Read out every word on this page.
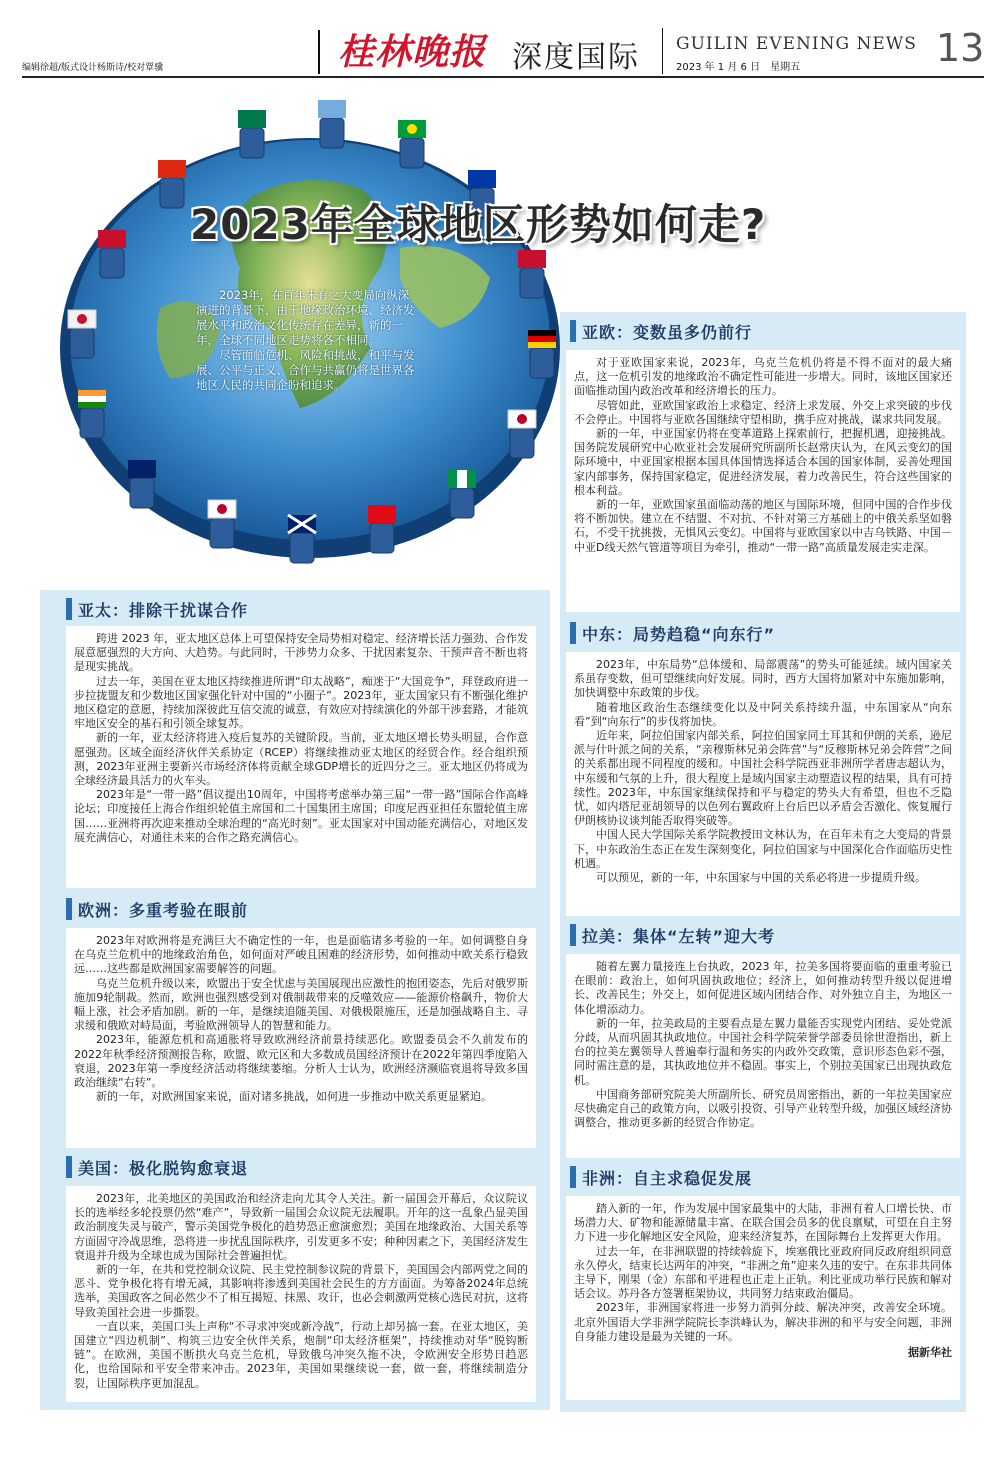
编辑徐超/版式设计杨斯诗/校对覃骥	桂林晚报 深度国际 GUILIN EVENING NEWS
2023 年 1 月 6 日　星期五	13
2023年全球地区形势如何走?

2023年，在百年未有之大变局向纵深演进的背景下，由于地缘政治环境、经济发展水平和政治文化传统存在差异，新的一年，全球不同地区走势将各不相同。

尽管面临危机、风险和挑战，和平与发展、公平与正义、合作与共赢仍将是世界各地区人民的共同企盼和追求。

亚太：排除干扰谋合作

跨进 2023 年，亚太地区总体上可望保持安全局势相对稳定、经济增长活力强劲、合作发展意愿强烈的大方向、大趋势。与此同时，干涉势力众多、干扰因素复杂、干预声音不断也将是现实挑战。

过去一年，美国在亚太地区持续推进所谓“印太战略”，痴迷于“大国竞争”，拜登政府进一步拉拢盟友和少数地区国家强化针对中国的“小圈子”。2023年，亚太国家只有不断强化维护地区稳定的意愿，持续加深彼此互信交流的诚意，有效应对持续演化的外部干涉套路，才能筑牢地区安全的基石和引领全球复苏。

新的一年，亚太经济将进入疫后复苏的关键阶段。当前，亚太地区增长势头明显，合作意愿强劲。区域全面经济伙伴关系协定（RCEP）将继续推动亚太地区的经贸合作。经合组织预测，2023年亚洲主要新兴市场经济体将贡献全球GDP增长的近四分之三。亚太地区仍将成为全球经济最具活力的火车头。

2023年是“一带一路”倡议提出10周年，中国将考虑举办第三届“一带一路”国际合作高峰论坛；印度接任上海合作组织轮值主席国和二十国集团主席国；印度尼西亚担任东盟轮值主席国……亚洲将再次迎来推动全球治理的“高光时刻”。亚太国家对中国动能充满信心，对地区发展充满信心，对通往未来的合作之路充满信心。

欧洲：多重考验在眼前

2023年对欧洲将是充满巨大不确定性的一年，也是面临诸多考验的一年。如何调整自身在乌克兰危机中的地缘政治角色，如何面对严峻且困难的经济形势，如何推动中欧关系行稳致远……这些都是欧洲国家需要解答的问题。

乌克兰危机升级以来，欧盟出于安全忧虑与美国展现出应激性的抱团姿态，先后对俄罗斯施加9轮制裁。然而，欧洲也强烈感受到对俄制裁带来的反噬效应——能源价格飙升，物价大幅上涨，社会矛盾加剧。新的一年，是继续追随美国、对俄极限施压，还是加强战略自主、寻求缓和俄欧对峙局面，考验欧洲领导人的智慧和能力。

2023年，能源危机和高通胀将导致欧洲经济前景持续恶化。欧盟委员会不久前发布的2022年秋季经济预测报告称，欧盟、欧元区和大多数成员国经济预计在2022年第四季度陷入衰退，2023年第一季度经济活动将继续萎缩。分析人士认为，欧洲经济濒临衰退将导致多国政治继续“右转”。

新的一年，对欧洲国家来说，面对诸多挑战，如何进一步推动中欧关系更显紧迫。

美国：极化脱钩愈衰退

2023年，北美地区的美国政治和经济走向尤其令人关注。新一届国会开幕后，众议院议长的选举经多轮投票仍然“难产”，导致新一届国会众议院无法履职。开年的这一乱象凸显美国政治制度失灵与破产，警示美国党争极化的趋势恐正愈演愈烈；美国在地缘政治、大国关系等方面固守冷战思维，恐将进一步扰乱国际秩序，引发更多不安；种种因素之下，美国经济发生衰退并升级为全球也成为国际社会普遍担忧。

新的一年，在共和党控制众议院、民主党控制参议院的背景下，美国国会内部两党之间的恶斗、党争极化将有增无减，其影响将渗透到美国社会民生的方方面面。为筹备2024年总统选举，美国政客之间必然少不了相互揭短、抹黑、攻讦，也必会刺激两党核心选民对抗，这将导致美国社会进一步撕裂。

一直以来，美国口头上声称“不寻求冲突或新冷战”，行动上却另搞一套。在亚太地区，美国建立“四边机制”、构筑三边安全伙伴关系，炮制“印太经济框架”，持续推动对华“脱钩断链”。在欧洲，美国不断拱火乌克兰危机，导致俄乌冲突久拖不决，令欧洲安全形势日趋恶化，也给国际和平安全带来冲击。2023年，美国如果继续说一套，做一套，将继续制造分裂，让国际秩序更加混乱。

亚欧：变数虽多仍前行

对于亚欧国家来说，2023年，乌克兰危机仍将是不得不面对的最大痛点，这一危机引发的地缘政治不确定性可能进一步增大。同时，该地区国家还面临推动国内政治改革和经济增长的压力。

尽管如此，亚欧国家政治上求稳定、经济上求发展、外交上求突破的步伐不会停止。中国将与亚欧各国继续守望相助，携手应对挑战，谋求共同发展。

新的一年，中亚国家仍将在变革道路上探索前行，把握机遇，迎接挑战。国务院发展研究中心欧亚社会发展研究所副所长赵常庆认为，在风云变幻的国际环境中，中亚国家根据本国具体国情选择适合本国的国家体制，妥善处理国家内部事务，保持国家稳定，促进经济发展，着力改善民生，符合这些国家的根本利益。

新的一年，亚欧国家虽面临动荡的地区与国际环境，但同中国的合作步伐将不断加快。建立在不结盟、不对抗、不针对第三方基础上的中俄关系坚如磐石，不受干扰挑拨，无惧风云变幻。中国将与亚欧国家以中吉乌铁路、中国－中亚D线天然气管道等项目为牵引，推动“一带一路”高质量发展走实走深。

中东：局势趋稳“向东行”

2023年，中东局势“总体缓和、局部震荡”的势头可能延续。域内国家关系虽存变数，但可望继续向好发展。同时，西方大国将加紧对中东施加影响，加快调整中东政策的步伐。

随着地区政治生态继续变化以及中阿关系持续升温，中东国家从“向东看”到“向东行”的步伐将加快。

近年来，阿拉伯国家内部关系，阿拉伯国家同土耳其和伊朗的关系，逊尼派与什叶派之间的关系，“亲穆斯林兄弟会阵营”与“反穆斯林兄弟会阵营”之间的关系都出现不同程度的缓和。中国社会科学院西亚非洲所学者唐志超认为，中东缓和气氛的上升，很大程度上是域内国家主动塑造议程的结果，具有可持续性。2023年，中东国家继续保持和平与稳定的势头大有希望，但也不乏隐忧，如内塔尼亚胡领导的以色列右翼政府上台后巴以矛盾会否激化、恢复履行伊朗核协议谈判能否取得突破等。

中国人民大学国际关系学院教授田文林认为，在百年未有之大变局的背景下，中东政治生态正在发生深刻变化，阿拉伯国家与中国深化合作面临历史性机遇。

可以预见，新的一年，中东国家与中国的关系必将进一步提质升级。

拉美：集体“左转”迎大考

随着左翼力量接连上台执政，2023 年，拉美多国将要面临的重重考验已在眼前：政治上，如何巩固执政地位；经济上，如何推动转型升级以促进增长、改善民生；外交上，如何促进区域内团结合作、对外独立自主，为地区一体化增添动力。

新的一年，拉美政局的主要看点是左翼力量能否实现党内团结、妥处党派分歧，从而巩固其执政地位。中国社会科学院荣誉学部委员徐世澄指出，新上台的拉美左翼领导人普遍奉行温和务实的内政外交政策，意识形态色彩不强，同时需注意的是，其执政地位并不稳固。事实上，个别拉美国家已出现执政危机。

中国商务部研究院美大所副所长、研究员周密指出，新的一年拉美国家应尽快确定自己的政策方向，以吸引投资、引导产业转型升级，加强区域经济协调整合，推动更多新的经贸合作协定。

非洲：自主求稳促发展

踏入新的一年，作为发展中国家最集中的大陆，非洲有着人口增长快、市场潜力大、矿物和能源储量丰富、在联合国会员多的优良禀赋，可望在自主努力下进一步化解地区安全风险，迎来经济复苏，在国际舞台上发挥更大作用。

过去一年，在非洲联盟的持续斡旋下，埃塞俄比亚政府同反政府组织同意永久停火，结束长达两年的冲突，“非洲之角”迎来久违的安宁。在东非共同体主导下，刚果（金）东部和平进程也正走上正轨。利比亚成功举行民族和解对话会议。苏丹各方签署框架协议，共同努力结束政治僵局。

2023年，非洲国家将进一步努力消弭分歧、解决冲突，改善安全环境。北京外国语大学非洲学院院长李洪峰认为，解决非洲的和平与安全问题，非洲自身能力建设是最为关键的一环。

据新华社
